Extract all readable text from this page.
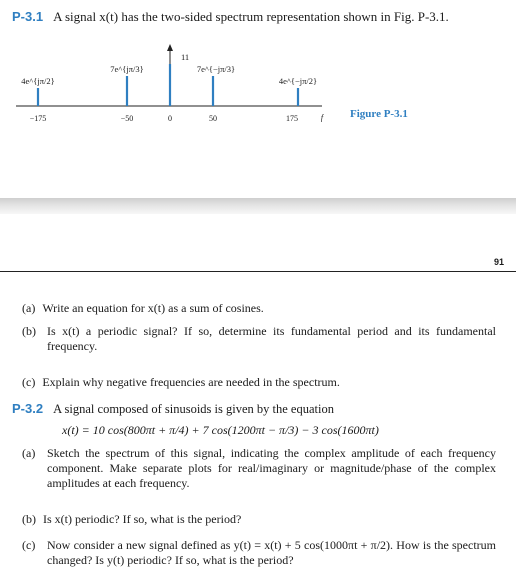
P-3.1 A signal x(t) has the two-sided spectrum representation shown in Fig. P-3.1.
4e^{jπ/2}
7e^{jπ/3}
11
7e^{−jπ/3}
4e^{−jπ/2}
−175	−50	0	50	175	f Figure P-3.1
91
(a) Write an equation for x(t) as a sum of cosines.
(b) Is x(t) a periodic signal? If so, determine its fundamental period and its fundamental frequency.
(c) Explain why negative frequencies are needed in the spectrum.
P-3.2 A signal composed of sinusoids is given by the equation
x(t) = 10 cos(800πt + π/4) + 7 cos(1200πt − π/3) − 3 cos(1600πt)
(a) Sketch the spectrum of this signal, indicating the complex amplitude of each frequency component. Make separate plots for real/imaginary or magnitude/phase of the complex amplitudes at each frequency.
(b) Is x(t) periodic? If so, what is the period?
(c) Now consider a new signal defined as y(t) = x(t) + 5 cos(1000πt + π/2). How is the spectrum changed? Is y(t) periodic? If so, what is the period?
